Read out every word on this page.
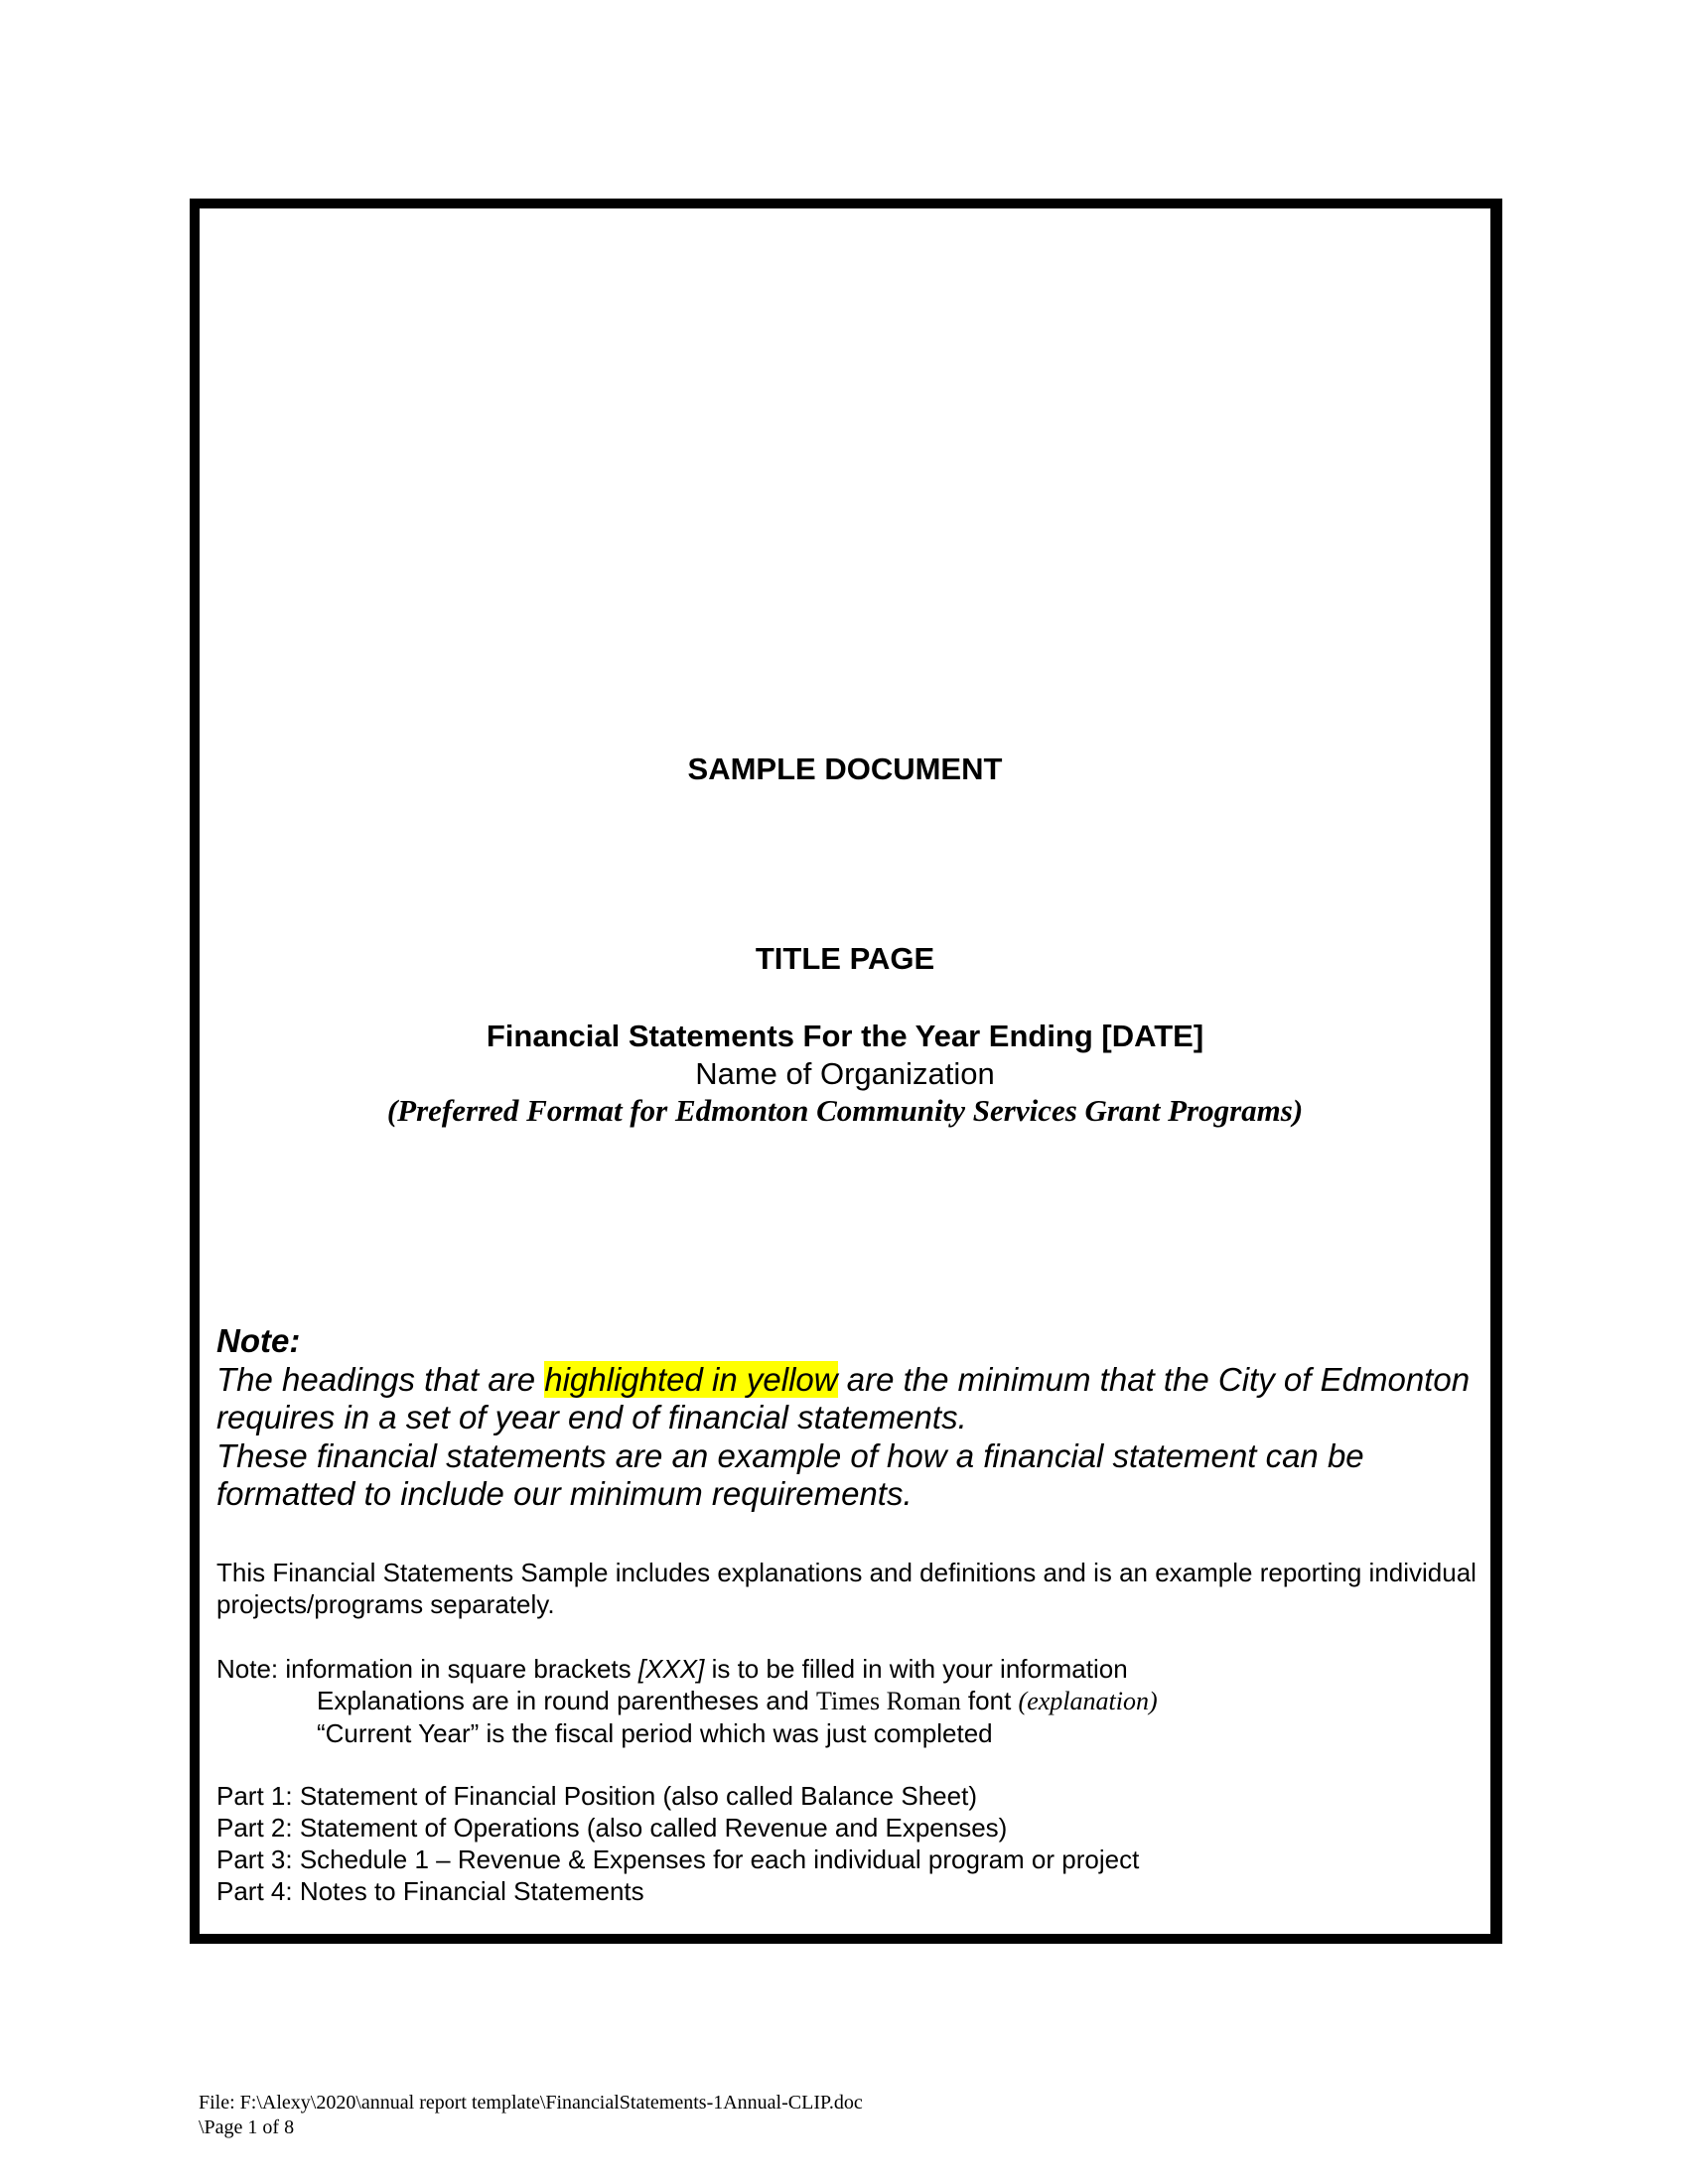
SAMPLE DOCUMENT
TITLE PAGE
Financial Statements For the Year Ending [DATE]
Name of Organization
(Preferred Format for Edmonton Community Services Grant Programs)
Note:
The headings that are highlighted in yellow are the minimum that the City of Edmonton requires in a set of year end of financial statements.
These financial statements are an example of how a financial statement can be formatted to include our minimum requirements.
This Financial Statements Sample includes explanations and definitions and is an example reporting individual projects/programs separately.
Note: information in square brackets [XXX] is to be filled in with your information
Explanations are in round parentheses and Times Roman font (explanation)
“Current Year” is the fiscal period which was just completed
Part 1: Statement of Financial Position (also called Balance Sheet)
Part 2: Statement of Operations (also called Revenue and Expenses)
Part 3: Schedule 1 – Revenue & Expenses for each individual program or project
Part 4: Notes to Financial Statements
File: F:\Alexy\2020\annual report template\FinancialStatements-1Annual-CLIP.doc
\Page 1 of 8
